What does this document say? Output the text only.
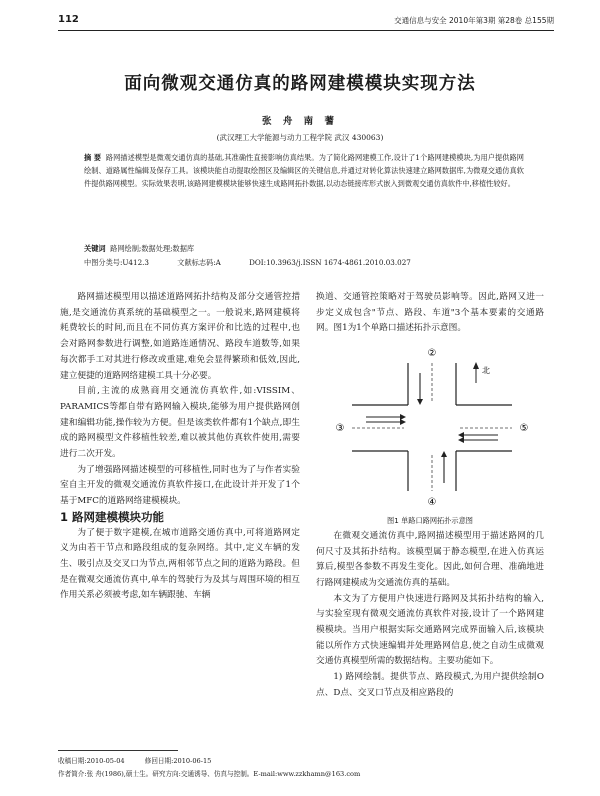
112	交通信息与安全 2010年第3期 第28卷 总155期
面向微观交通仿真的路网建模模块实现方法
张 舟 南 蓍
(武汉理工大学能源与动力工程学院 武汉 430063)
摘 要 路网描述模型是微观交通仿真的基础,其准确性直接影响仿真结果。为了简化路网建模工作,设计了1个路网建模模块,为用户提供路网绘制、道路属性编辑及保存工具。该模块能自动提取绘图区及编辑区的关键信息,并通过对转化算法快速建立路网数据库,为微观交通仿真软件提供路网模型。实际效果表明,该路网建模模块能够快速生成路网拓扑数据,以动态链接库形式嵌入到微观交通仿真软件中,移植性较好。
关键词 路网绘制;数据处理;数据库
中图分类号:U412.3	文献标志码:A	DOI:10.3963/j.ISSN 1674-4861.2010.03.027

路网描述模型用以描述道路网拓扑结构及部分交通管控措施,是交通流仿真系统的基础模型之一。一般说来,路网建模将耗费较长的时间,而且在不同仿真方案评价和比选的过程中,也会对路网参数进行调整,如道路连通情况、路段车道数等,如果每次都手工对其进行修改或重建,难免会显得繁琐和低效,因此,建立便捷的道路网络建模工具十分必要。

目前,主流的成熟商用交通流仿真软件,如:VISSIM、PARAMICS等都自带有路网输入模块,能够为用户提供路网创建和编辑功能,操作较为方便。但是该类软件都有1个缺点,即生成的路网模型文件移植性较差,难以被其他仿真软件使用,需要进行二次开发。

为了增强路网描述模型的可移植性,同时也为了与作者实验室自主开发的微观交通流仿真软件接口,在此设计并开发了1个基于MFC的道路网络建模模块。

1 路网建模模块功能

为了便于数字建模,在城市道路交通仿真中,可将道路网定义为由若干节点和路段组成的复杂网络。其中,定义车辆的发生、吸引点及交叉口为节点,两相邻节点之间的道路为路段。但是在微观交通流仿真中,单车的驾驶行为及其与周围环境的相互作用关系必须被考虑,如车辆跟驰、车辆

换道、交通管控策略对于驾驶员影响等。因此,路网又进一步定义成包含"节点、路段、车道"3个基本要素的交通路网。图1为1个单路口描述拓扑示意图。

北
②
③
④
⑤

图1 单路口路网拓扑示意图

在微观交通流仿真中,路网描述模型用于描述路网的几何尺寸及其拓扑结构。该模型属于静态模型,在进入仿真运算后,模型各参数不再发生变化。因此,如何合理、准确地进行路网建模成为交通流仿真的基础。

本文为了方便用户快速进行路网及其拓扑结构的输入,与实验室现有微观交通流仿真软件对接,设计了一个路网建模模块。当用户根据实际交通路网完成界面输入后,该模块能以所作方式快速编辑并处理路网信息,使之自动生成微观交通仿真模型所需的数据结构。主要功能如下。

1) 路网绘制。提供节点、路段模式,为用户提供绘制O点、D点、交叉口节点及相应路段的

收稿日期:2010-05-04	修回日期:2010-06-15
作者简介:张 舟(1986),硕士生。研究方向:交通诱导、仿真与控制。E-mail:www.zzkhamn@163.com
